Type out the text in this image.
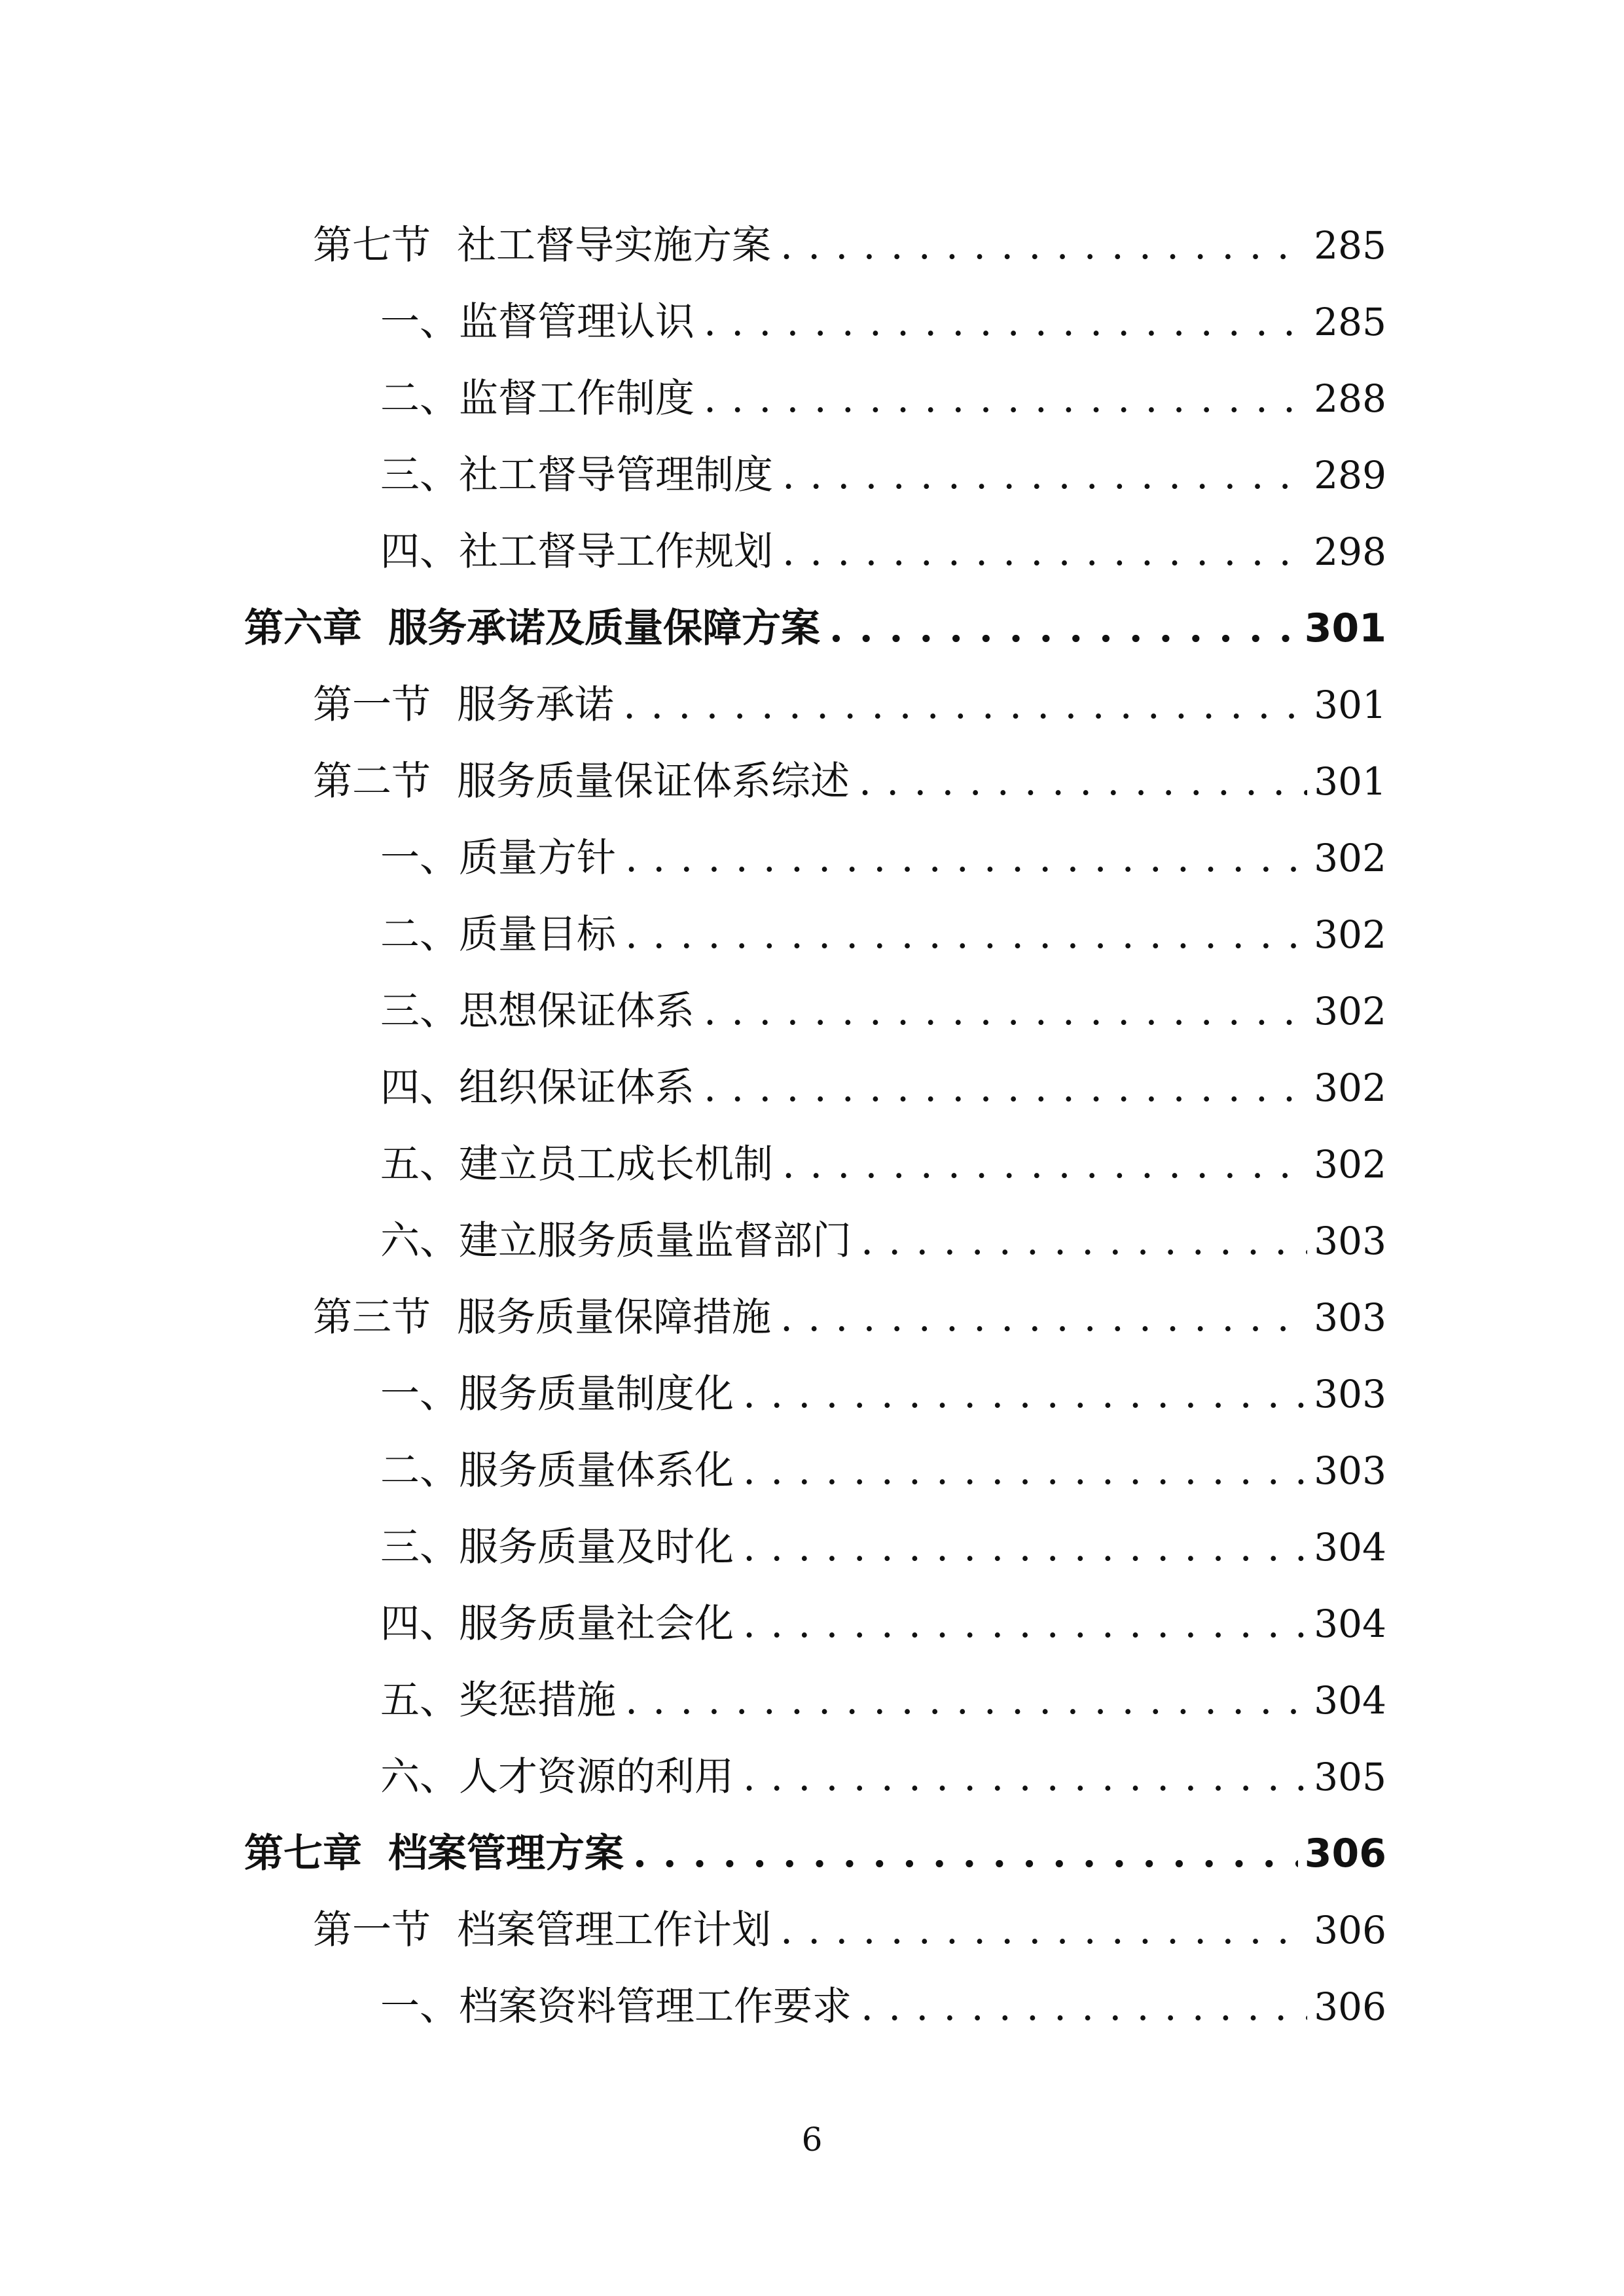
第七节 社工督导实施方案 . . .	285
一、 监督管理认识 . . .	285
二、 监督工作制度 . . .	288
三、 社工督导管理制度 . . .	289
四、 社工督导工作规划 . . .	298
第六章 服务承诺及质量保障方案 . . .	301
第一节 服务承诺 . . .	301
第二节 服务质量保证体系综述 . . .	301
一、 质量方针 . . .	302
二、 质量目标 . . .	302
三、 思想保证体系 . . .	302
四、 组织保证体系 . . .	302
五、 建立员工成长机制 . . .	302
六、 建立服务质量监督部门 . . .	303
第三节 服务质量保障措施 . . .	303
一、 服务质量制度化 . . .	303
二、 服务质量体系化 . . .	303
三、 服务质量及时化 . . .	304
四、 服务质量社会化 . . .	304
五、 奖惩措施 . . .	304
六、 人才资源的利用 . . .	305
第七章 档案管理方案 . . .	306
第一节 档案管理工作计划 . . .	306
一、 档案资料管理工作要求 . . .	306
6
